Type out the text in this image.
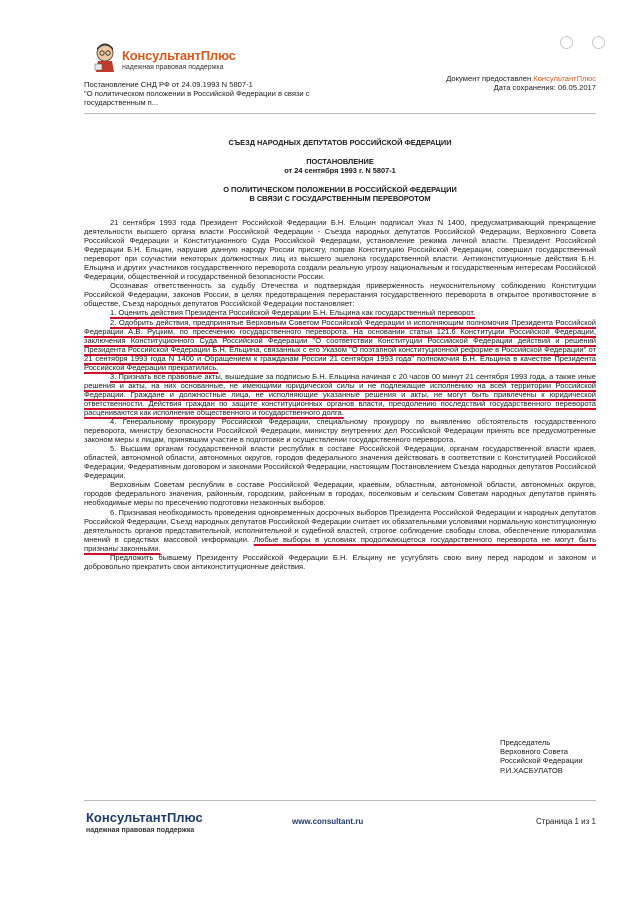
КонсультантПлюс
надежная правовая поддержка
Постановление СНД РФ от 24.09.1993 N 5807-1
"О политическом положении в Российской Федерации в связи с
государственным п...
Документ предоставлен КонсультантПлюс
Дата сохранения: 06.05.2017
СЪЕЗД НАРОДНЫХ ДЕПУТАТОВ РОССИЙСКОЙ ФЕДЕРАЦИИ
ПОСТАНОВЛЕНИЕ
от 24 сентября 1993 г. N 5807-1
О ПОЛИТИЧЕСКОМ ПОЛОЖЕНИИ В РОССИЙСКОЙ ФЕДЕРАЦИИ
В СВЯЗИ С ГОСУДАРСТВЕННЫМ ПЕРЕВОРОТОМ

21 сентября 1993 года Президент Российской Федерации Б.Н. Ельцин подписал Указ N 1400, предусматривающий прекращение деятельности высшего органа власти Российской Федерации - Съезда народных депутатов Российской Федерации, Верховного Совета Российской Федерации и Конституционного Суда Российской Федерации, установление режима личной власти. Президент Российской Федерации Б.Н. Ельцин, нарушив данную народу России присягу, поправ Конституцию Российской Федерации, совершил государственный переворот при соучастии некоторых должностных лиц из высшего эшелона государственной власти. Антиконституционные действия Б.Н. Ельцина и других участников государственного переворота создали реальную угрозу национальным и государственным интересам Российской Федерации, общественной и государственной безопасности России.

Осознавая ответственность за судьбу Отечества и подтверждая приверженность неукоснительному соблюдению Конституции Российской Федерации, законов России, в целях предотвращения перерастания государственного переворота в открытое противостояние в обществе, Съезд народных депутатов Российской Федерации постановляет:

1. Оценить действия Президента Российской Федерации Б.Н. Ельцина как государственный переворот.

2. Одобрить действия, предпринятые Верховным Советом Российской Федерации и исполняющим полномочия Президента Российской Федерации А.В. Руцким, по пресечению государственного переворота. На основании статьи 121.6 Конституции Российской Федерации, заключения Конституционного Суда Российской Федерации "О соответствии Конституции Российской Федерации действий и решений Президента Российской Федерации Б.Н. Ельцина, связанных с его Указом "О поэтапной конституционной реформе в Российской Федерации" от 21 сентября 1993 года N 1400 и Обращением к гражданам России 21 сентября 1993 года" полномочия Б.Н. Ельцина в качестве Президента Российской Федерации прекратились.

3. Признать все правовые акты, вышедшие за подписью Б.Н. Ельцина начиная с 20 часов 00 минут 21 сентября 1993 года, а также иные решения и акты, на них основанные, не имеющими юридической силы и не подлежащие исполнению на всей территории Российской Федерации. Граждане и должностные лица, не исполняющие указанные решения и акты, не могут быть привлечены к юридической ответственности. Действия граждан по защите конституционных органов власти, преодолению последствий государственного переворота расцениваются как исполнение общественного и государственного долга.

4. Генеральному прокурору Российской Федерации, специальному прокурору по выявлению обстоятельств государственного переворота, министру безопасности Российской Федерации, министру внутренних дел Российской Федерации принять все предусмотренные законом меры к лицам, принявшим участие в подготовке и осуществлении государственного переворота.

5. Высшим органам государственной власти республик в составе Российской Федерации, органам государственной власти краев, областей, автономной области, автономных округов, городов федерального значения действовать в соответствии с Конституцией Российской Федерации, Федеративным договором и законами Российской Федерации, настоящим Постановлением Съезда народных депутатов Российской Федерации.

Верховным Советам республик в составе Российской Федерации, краевым, областным, автономной области, автономных округов, городов федерального значения, районным, городским, районным в городах, поселковым и сельским Советам народных депутатов принять необходимые меры по пресечению подготовки незаконных выборов.

6. Признавая необходимость проведения одновременных досрочных выборов Президента Российской Федерации и народных депутатов Российской Федерации, Съезд народных депутатов Российской Федерации считает их обязательными условиями нормальную конституционную деятельность органов представительной, исполнительной и судебной властей, строгое соблюдение свободы слова, обеспечение плюрализма мнений в средствах массовой информации. Любые выборы в условиях продолжающегося государственного переворота не могут быть признаны законными.

Предложить бывшему Президенту Российской Федерации Б.Н. Ельцину не усугублять свою вину перед народом и законом и добровольно прекратить свои антиконституционные действия.

Председатель
Верховного Совета
Российской Федерации
Р.И.ХАСБУЛАТОВ
КонсультантПлюс
надежная правовая поддержка
www.consultant.ru	Страница 1 из 1
